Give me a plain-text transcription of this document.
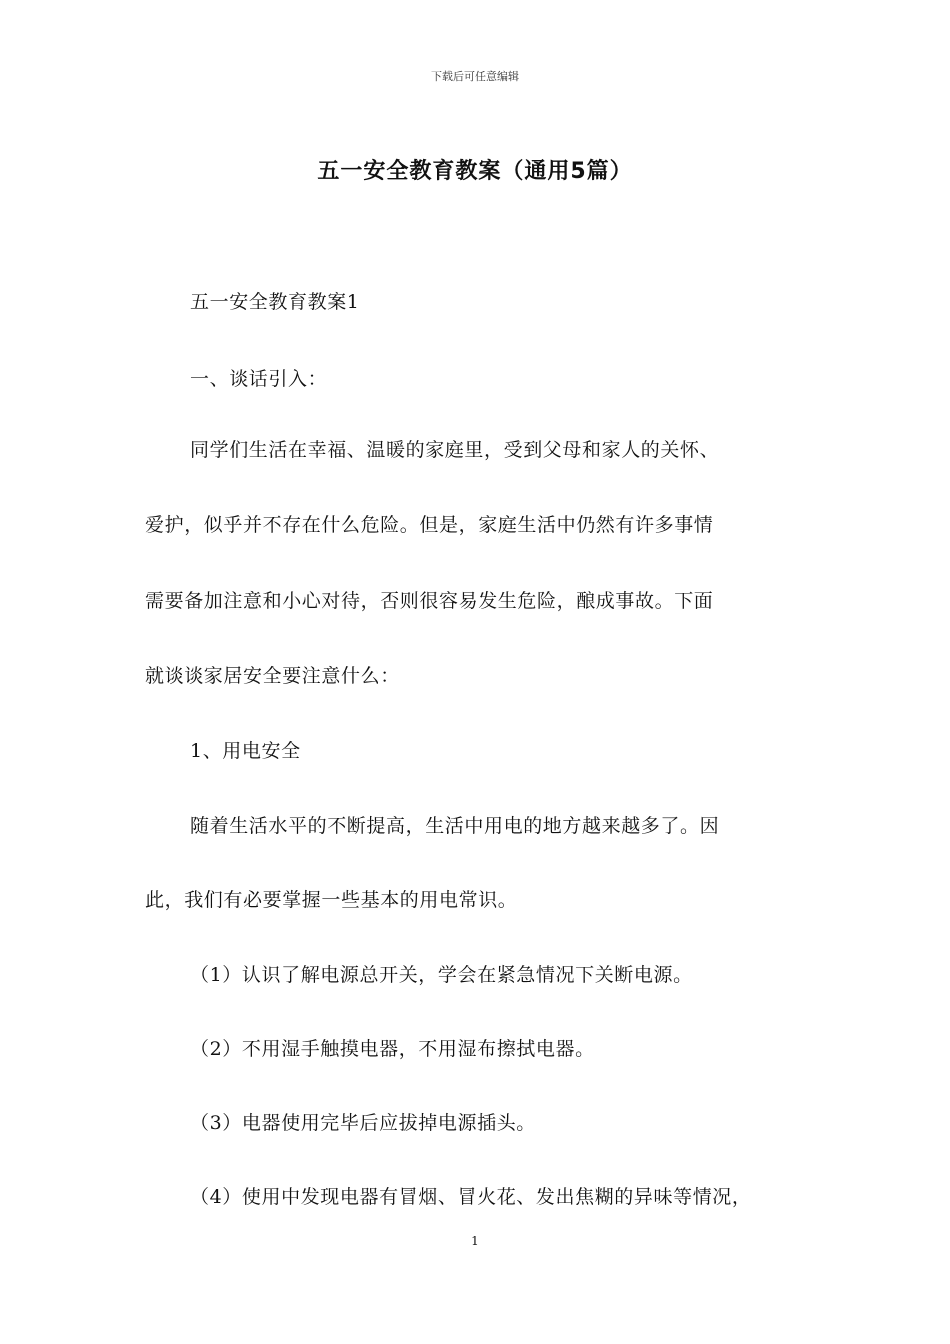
下载后可任意编辑
五一安全教育教案（通用5篇）
五一安全教育教案1
一、谈话引入：
同学们生活在幸福、温暖的家庭里，受到父母和家人的关怀、
爱护，似乎并不存在什么危险。但是，家庭生活中仍然有许多事情
需要备加注意和小心对待，否则很容易发生危险，酿成事故。下面
就谈谈家居安全要注意什么：
1、用电安全
随着生活水平的不断提高，生活中用电的地方越来越多了。因
此，我们有必要掌握一些基本的用电常识。
（1）认识了解电源总开关，学会在紧急情况下关断电源。
（2）不用湿手触摸电器，不用湿布擦拭电器。
（3）电器使用完毕后应拔掉电源插头。
（4）使用中发现电器有冒烟、冒火花、发出焦糊的异味等情况，
1
